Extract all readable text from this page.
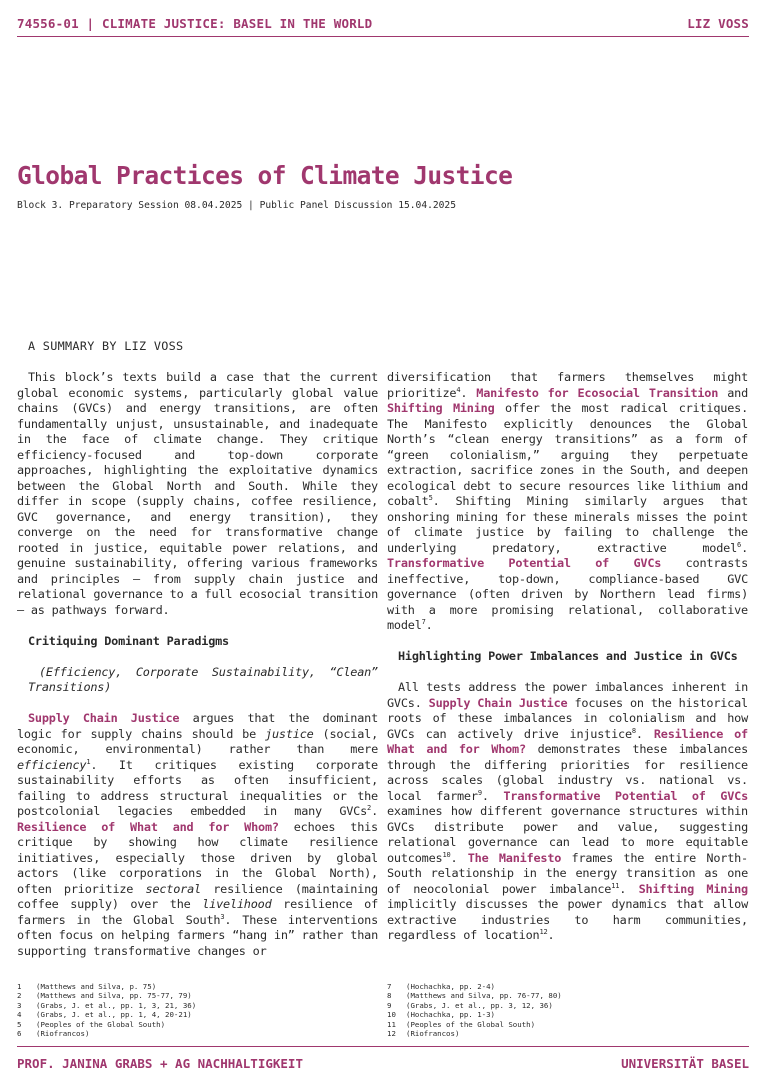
74556-01 | CLIMATE JUSTICE: BASEL IN THE WORLD	LIZ VOSS
Global Practices of Climate Justice
Block 3. Preparatory Session 08.04.2025 | Public Panel Discussion 15.04.2025
A SUMMARY BY LIZ VOSS

This block’s texts build a case that the current global economic systems, particularly global value chains (GVCs) and energy transitions, are often fundamentally unjust, unsustainable, and inadequate in the face of climate change. They critique efficiency-focused and top-down corporate approaches, highlighting the exploitative dynamics between the Global North and South. While they differ in scope (supply chains, coffee resilience, GVC governance, and energy transition), they converge on the need for transformative change rooted in justice, equitable power relations, and genuine sustainability, offering various frameworks and principles – from supply chain justice and relational governance to a full ecosocial transition – as pathways forward.

Critiquing Dominant Paradigms

(Efficiency, Corporate Sustainability, “Clean” Transitions)

Supply Chain Justice argues that the dominant logic for supply chains should be justice (social, economic, environmental) rather than mere efficiency$^1$. It critiques existing corporate sustainability efforts as often insufficient, failing to address structural inequalities or the postcolonial legacies embedded in many GVCs$^2$. Resilience of What and for Whom? echoes this critique by showing how climate resilience initiatives, especially those driven by global actors (like corporations in the Global North), often prioritize sectoral resilience (maintaining coffee supply) over the livelihood resilience of farmers in the Global South$^3$. These interventions often focus on helping farmers “hang in” rather than supporting transformative changes or

diversification that farmers themselves might prioritize$^4$. Manifesto for Ecosocial Transition and Shifting Mining offer the most radical critiques. The Manifesto explicitly denounces the Global North’s “clean energy transitions” as a form of “green colonialism,” arguing they perpetuate extraction, sacrifice zones in the South, and deepen ecological debt to secure resources like lithium and cobalt$^5$. Shifting Mining similarly argues that onshoring mining for these minerals misses the point of climate justice by failing to challenge the underlying predatory, extractive model$^6$. Transformative Potential of GVCs contrasts ineffective, top-down, compliance-based GVC governance (often driven by Northern lead firms) with a more promising relational, collaborative model$^7$.

Highlighting Power Imbalances and Justice in GVCs

All tests address the power imbalances inherent in GVCs. Supply Chain Justice focuses on the historical roots of these imbalances in colonialism and how GVCs can actively drive injustice$^8$. Resilience of What and for Whom? demonstrates these imbalances through the differing priorities for resilience across scales (global industry vs. national vs. local farmer$^9$. Transformative Potential of GVCs examines how different governance structures within GVCs distribute power and value, suggesting relational governance can lead to more equitable outcomes$^{10}$. The Manifesto frames the entire North-South relationship in the energy transition as one of neocolonial power imbalance$^{11}$. Shifting Mining implicitly discusses the power dynamics that allow extractive industries to harm communities, regardless of location$^{12}$.

1	(Matthews and Silva, p. 75)
2	(Matthews and Silva, pp. 75-77, 79)
3	(Grabs, J. et al., pp. 1, 3, 21, 36)
4	(Grabs, J. et al., pp. 1, 4, 20-21)
5	(Peoples of the Global South)
6	(Riofrancos)
7	(Hochachka, pp. 2-4)
8	(Matthews and Silva, pp. 76-77, 80)
9	(Grabs, J. et al., pp. 3, 12, 36)
10	(Hochachka, pp. 1-3)
11	(Peoples of the Global South)
12	(Riofrancos)
PROF. JANINA GRABS + AG NACHHALTIGKEIT	UNIVERSITÄT BASEL
